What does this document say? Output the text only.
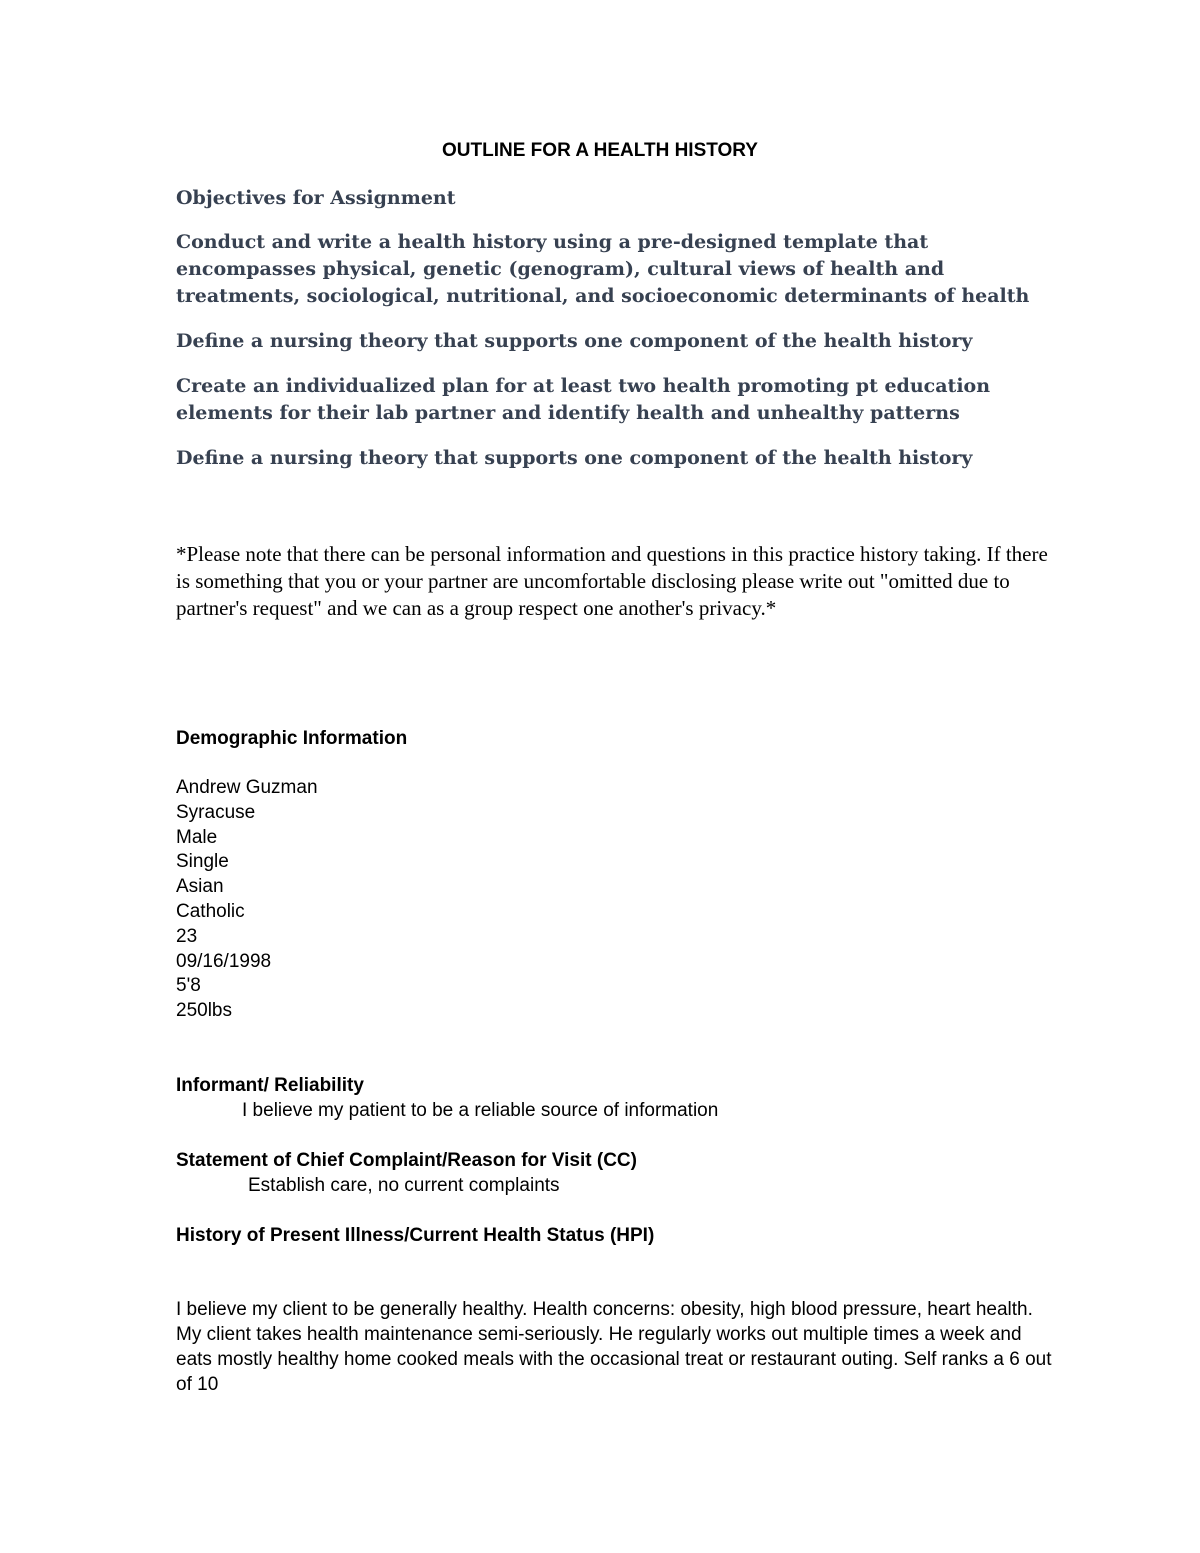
OUTLINE FOR A HEALTH HISTORY
Objectives for Assignment
Conduct and write a health history using a pre-designed template that encompasses physical, genetic (genogram), cultural views of health and treatments, sociological, nutritional, and socioeconomic determinants of health
Define a nursing theory that supports one component of the health history
Create an individualized plan for at least two health promoting pt education elements for their lab partner and identify health and unhealthy patterns
Define a nursing theory that supports one component of the health history
*Please note that there can be personal information and questions in this practice history taking. If there is something that you or your partner are uncomfortable disclosing please write out "omitted due to partner's request" and we can as a group respect one another's privacy.*
Demographic Information
Andrew Guzman
Syracuse
Male
Single
Asian
Catholic
23
09/16/1998
5'8
250lbs
Informant/ Reliability
I believe my patient to be a reliable source of information
Statement of Chief Complaint/Reason for Visit (CC)
Establish care, no current complaints
History of Present Illness/Current Health Status (HPI)
I believe my client to be generally healthy. Health concerns: obesity, high blood pressure, heart health. My client takes health maintenance semi-seriously. He regularly works out multiple times a week and eats mostly healthy home cooked meals with the occasional treat or restaurant outing. Self ranks a 6 out of 10
